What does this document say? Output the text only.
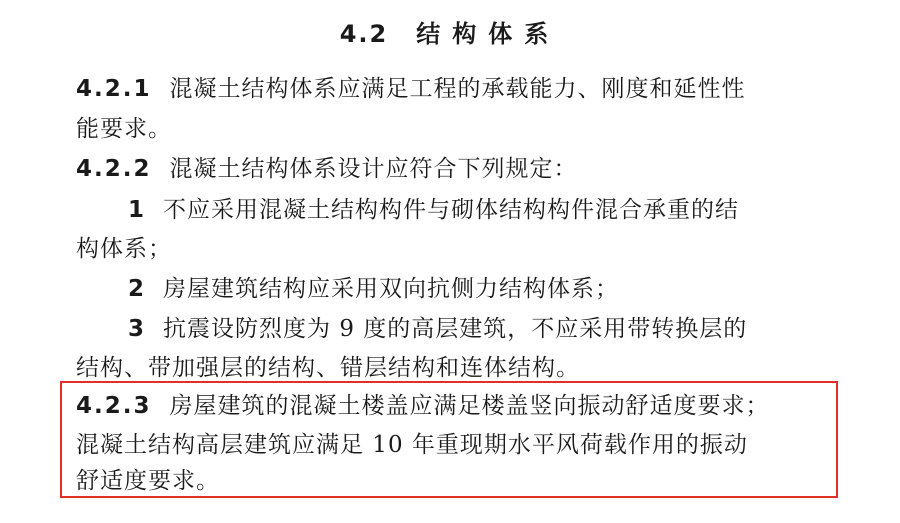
4.2 结构体系
4.2.1 混凝土结构体系应满足工程的承载能力、刚度和延性性
能要求。
4.2.2 混凝土结构体系设计应符合下列规定：
1 不应采用混凝土结构构件与砌体结构构件混合承重的结
构体系；
2 房屋建筑结构应采用双向抗侧力结构体系；
3 抗震设防烈度为 9 度的高层建筑，不应采用带转换层的
结构、带加强层的结构、错层结构和连体结构。
4.2.3 房屋建筑的混凝土楼盖应满足楼盖竖向振动舒适度要求；
混凝土结构高层建筑应满足 10 年重现期水平风荷载作用的振动
舒适度要求。
